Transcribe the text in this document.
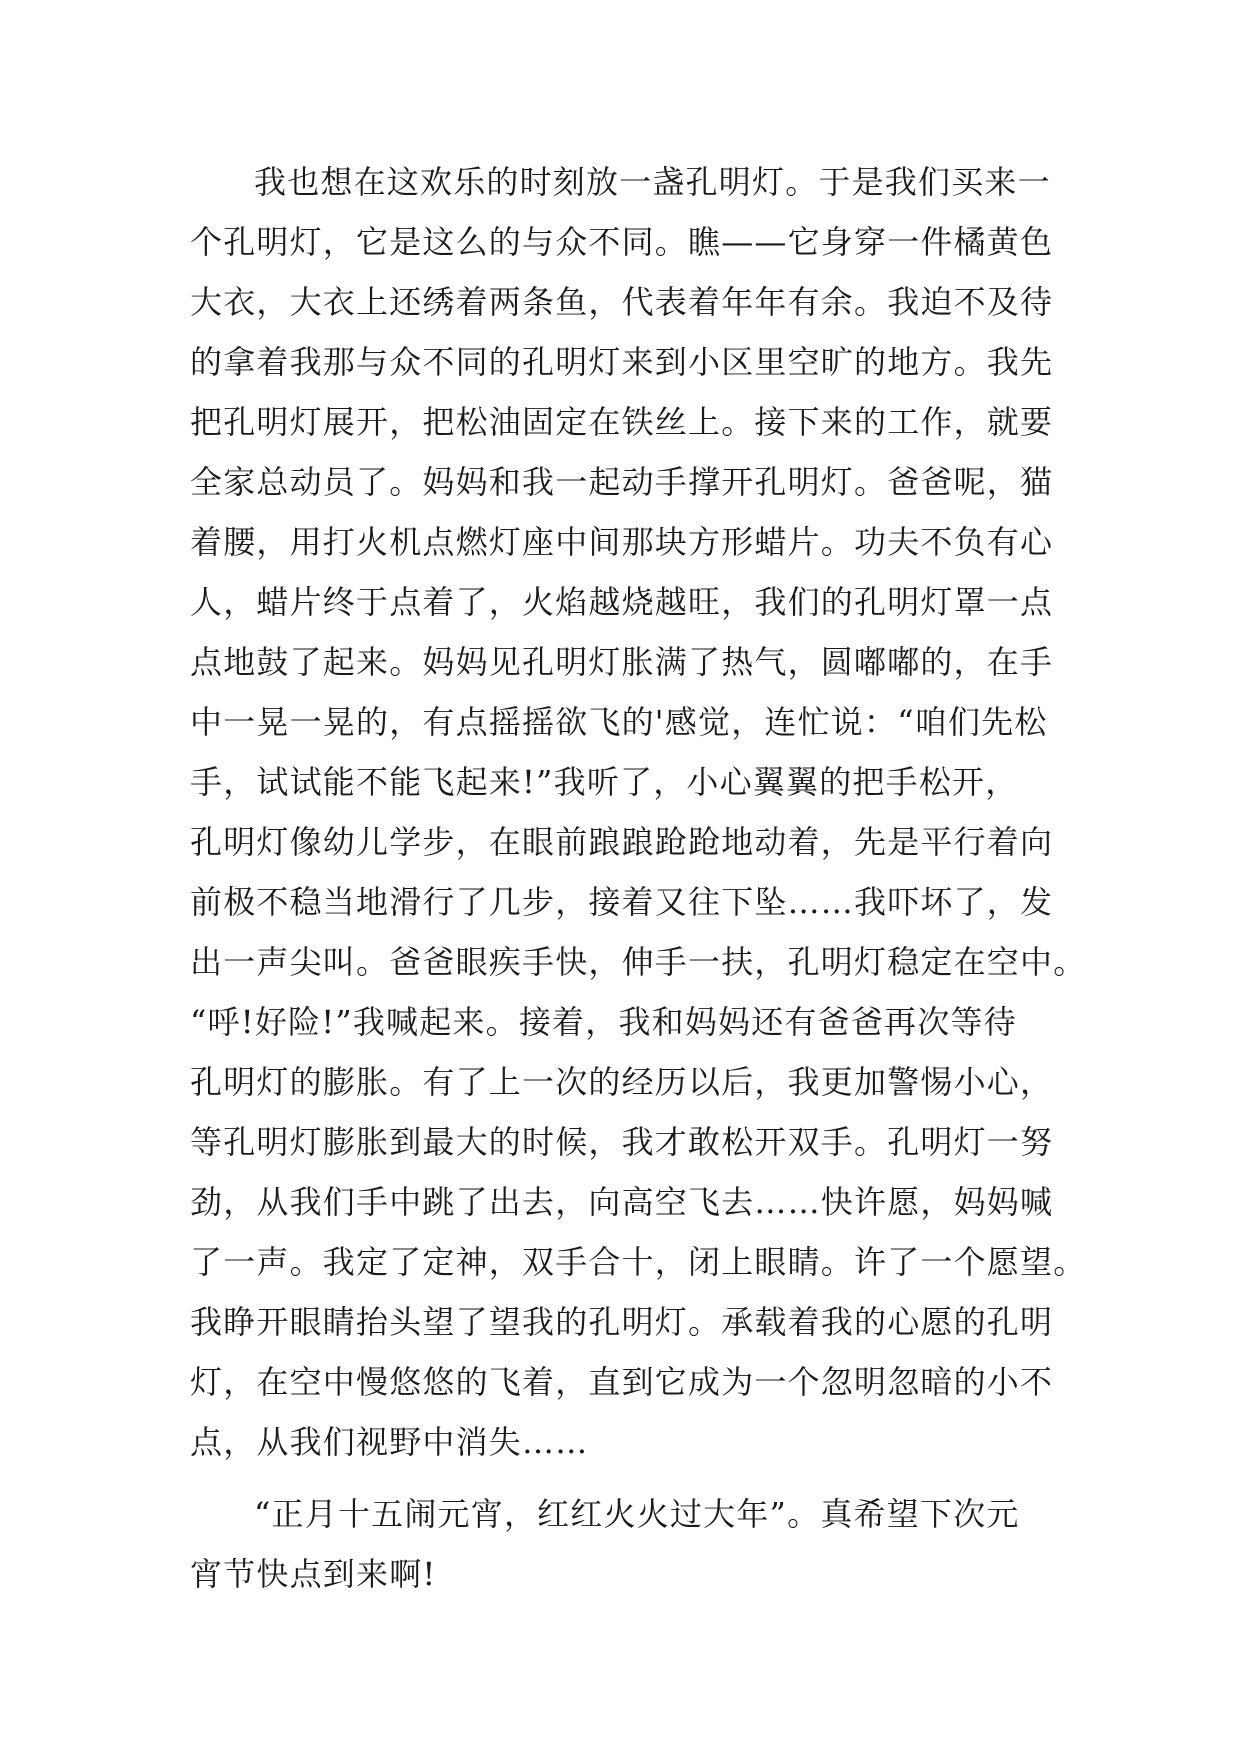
我也想在这欢乐的时刻放一盏孔明灯。于是我们买来一
个孔明灯，它是这么的与众不同。瞧——它身穿一件橘黄色
大衣，大衣上还绣着两条鱼，代表着年年有余。我迫不及待
的拿着我那与众不同的孔明灯来到小区里空旷的地方。我先
把孔明灯展开，把松油固定在铁丝上。接下来的工作，就要
全家总动员了。妈妈和我一起动手撑开孔明灯。爸爸呢，猫
着腰，用打火机点燃灯座中间那块方形蜡片。功夫不负有心
人，蜡片终于点着了，火焰越烧越旺，我们的孔明灯罩一点
点地鼓了起来。妈妈见孔明灯胀满了热气，圆嘟嘟的，在手
中一晃一晃的，有点摇摇欲飞的'感觉，连忙说：“咱们先松
手，试试能不能飞起来!”我听了，小心翼翼的把手松开，
孔明灯像幼儿学步，在眼前踉踉跄跄地动着，先是平行着向
前极不稳当地滑行了几步，接着又往下坠……我吓坏了，发
出一声尖叫。爸爸眼疾手快，伸手一扶，孔明灯稳定在空中。
“呼!好险!”我喊起来。接着，我和妈妈还有爸爸再次等待
孔明灯的膨胀。有了上一次的经历以后，我更加警惕小心，
等孔明灯膨胀到最大的时候，我才敢松开双手。孔明灯一努
劲，从我们手中跳了出去，向高空飞去……快许愿，妈妈喊
了一声。我定了定神，双手合十，闭上眼睛。许了一个愿望。
我睁开眼睛抬头望了望我的孔明灯。承载着我的心愿的孔明
灯，在空中慢悠悠的飞着，直到它成为一个忽明忽暗的小不
点，从我们视野中消失……
“正月十五闹元宵，红红火火过大年”。真希望下次元
宵节快点到来啊!
